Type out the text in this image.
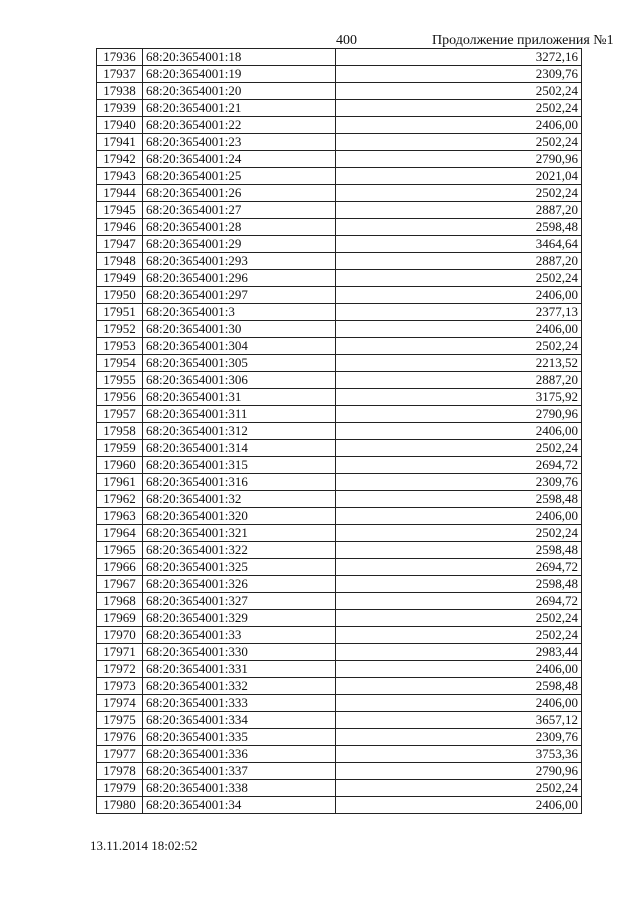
400	Продолжение приложения №1
17936	68:20:3654001:18	3272,16
17937	68:20:3654001:19	2309,76
17938	68:20:3654001:20	2502,24
17939	68:20:3654001:21	2502,24
17940	68:20:3654001:22	2406,00
17941	68:20:3654001:23	2502,24
17942	68:20:3654001:24	2790,96
17943	68:20:3654001:25	2021,04
17944	68:20:3654001:26	2502,24
17945	68:20:3654001:27	2887,20
17946	68:20:3654001:28	2598,48
17947	68:20:3654001:29	3464,64
17948	68:20:3654001:293	2887,20
17949	68:20:3654001:296	2502,24
17950	68:20:3654001:297	2406,00
17951	68:20:3654001:3	2377,13
17952	68:20:3654001:30	2406,00
17953	68:20:3654001:304	2502,24
17954	68:20:3654001:305	2213,52
17955	68:20:3654001:306	2887,20
17956	68:20:3654001:31	3175,92
17957	68:20:3654001:311	2790,96
17958	68:20:3654001:312	2406,00
17959	68:20:3654001:314	2502,24
17960	68:20:3654001:315	2694,72
17961	68:20:3654001:316	2309,76
17962	68:20:3654001:32	2598,48
17963	68:20:3654001:320	2406,00
17964	68:20:3654001:321	2502,24
17965	68:20:3654001:322	2598,48
17966	68:20:3654001:325	2694,72
17967	68:20:3654001:326	2598,48
17968	68:20:3654001:327	2694,72
17969	68:20:3654001:329	2502,24
17970	68:20:3654001:33	2502,24
17971	68:20:3654001:330	2983,44
17972	68:20:3654001:331	2406,00
17973	68:20:3654001:332	2598,48
17974	68:20:3654001:333	2406,00
17975	68:20:3654001:334	3657,12
17976	68:20:3654001:335	2309,76
17977	68:20:3654001:336	3753,36
17978	68:20:3654001:337	2790,96
17979	68:20:3654001:338	2502,24
17980	68:20:3654001:34	2406,00
13.11.2014 18:02:52
